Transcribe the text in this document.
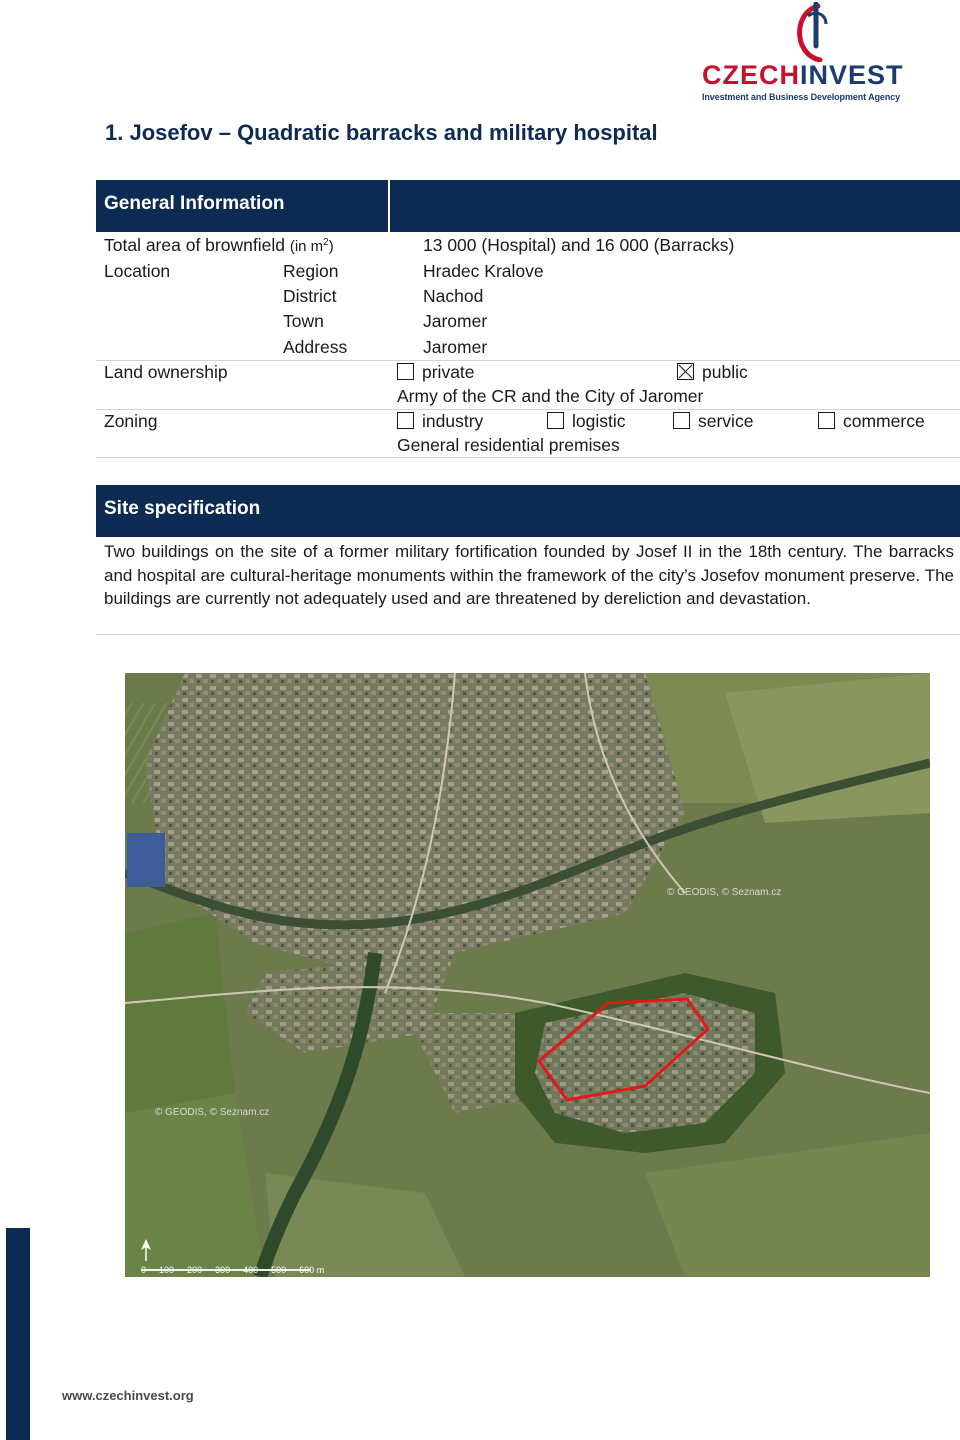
CZECHINVEST
Investment and Business Development Agency
1. Josefov – Quadratic barracks and military hospital
General Information
Total area of brownfield (in $m^2$)	13 000 (Hospital) and 16 000 (Barracks)
Location	Region	Hradec Kralove
District	Nachod
Town	Jaromer
Address	Jaromer
Land ownership	private	public
Army of the CR and the City of Jaromer
Zoning	industry	logistic	service	commerce
General residential premises
Site specification

Two buildings on the site of a former military fortification founded by Josef II in the 18th century. The barracks and hospital are cultural-heritage monuments within the framework of the city’s Josefov monument preserve. The buildings are currently not adequately used and are threatened by dereliction and devastation.

© GEODIS, © Seznam.cz
© GEODIS, © Seznam.cz
0 100 200 300 400 500 600 m
www.czechinvest.org
